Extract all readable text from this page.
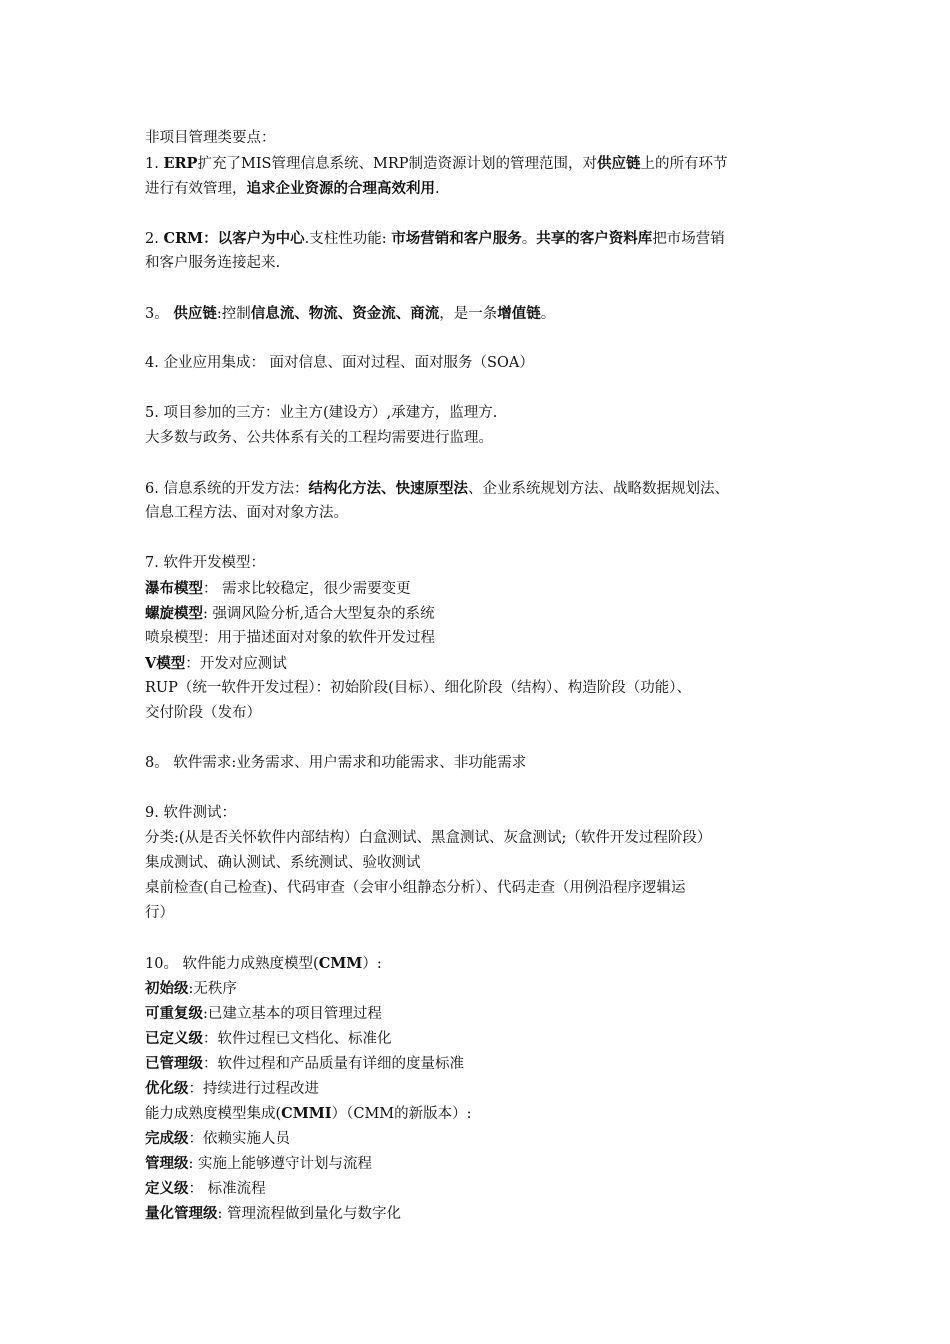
非项目管理类要点：
1. ERP扩充了MIS管理信息系统、MRP制造资源计划的管理范围，对供应链上的所有环节
进行有效管理，追求企业资源的合理高效利用.
2. CRM：以客户为中心.支柱性功能: 市场营销和客户服务。共享的客户资料库把市场营销
和客户服务连接起来.
3。 供应链:控制信息流、物流、资金流、商流，是一条增值链。
4. 企业应用集成： 面对信息、面对过程、面对服务（SOA）
5. 项目参加的三方：业主方(建设方）,承建方，监理方.
大多数与政务、公共体系有关的工程均需要进行监理。
6. 信息系统的开发方法：结构化方法、快速原型法、企业系统规划方法、战略数据规划法、
信息工程方法、面对对象方法。
7. 软件开发模型：
瀑布模型： 需求比较稳定，很少需要变更
螺旋模型: 强调风险分析,适合大型复杂的系统
喷泉模型：用于描述面对对象的软件开发过程
V模型：开发对应测试
RUP（统一软件开发过程）：初始阶段(目标）、细化阶段（结构）、构造阶段（功能）、
交付阶段（发布）
8。 软件需求:业务需求、用户需求和功能需求、非功能需求
9. 软件测试：
分类:(从是否关怀软件内部结构）白盒测试、黑盒测试、灰盒测试;（软件开发过程阶段）
集成测试、确认测试、系统测试、验收测试
桌前检查(自己检查)、代码审查（会审小组静态分析）、代码走查（用例沿程序逻辑运
行）
10。 软件能力成熟度模型(CMM）:
初始级:无秩序
可重复级:已建立基本的项目管理过程
已定义级：软件过程已文档化、标准化
已管理级：软件过程和产品质量有详细的度量标准
优化级：持续进行过程改进
能力成熟度模型集成(CMMI）（CMM的新版本）:
完成级：依赖实施人员
管理级: 实施上能够遵守计划与流程
定义级： 标准流程
量化管理级: 管理流程做到量化与数字化
